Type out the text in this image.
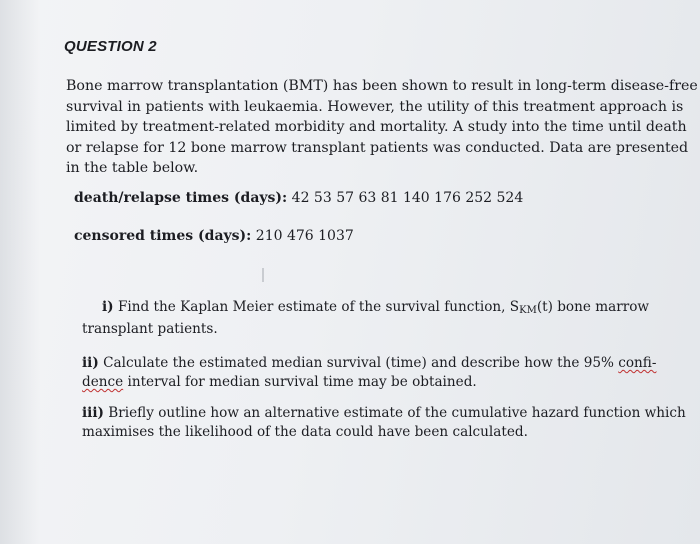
QUESTION 2
Bone marrow transplantation (BMT) has been shown to result in long-term disease-free
survival in patients with leukaemia. However, the utility of this treatment approach is
limited by treatment-related morbidity and mortality. A study into the time until death
or relapse for 12 bone marrow transplant patients was conducted. Data are presented
in the table below.
death/relapse times (days): 42 53 57 63 81 140 176 252 524
censored times (days): 210 476 1037
i) Find the Kaplan Meier estimate of the survival function, $S_{KM}(t)$ bone marrow
transplant patients.
ii) Calculate the estimated median survival (time) and describe how the 95% confi-
dence interval for median survival time may be obtained.
iii) Briefly outline how an alternative estimate of the cumulative hazard function which
maximises the likelihood of the data could have been calculated.
